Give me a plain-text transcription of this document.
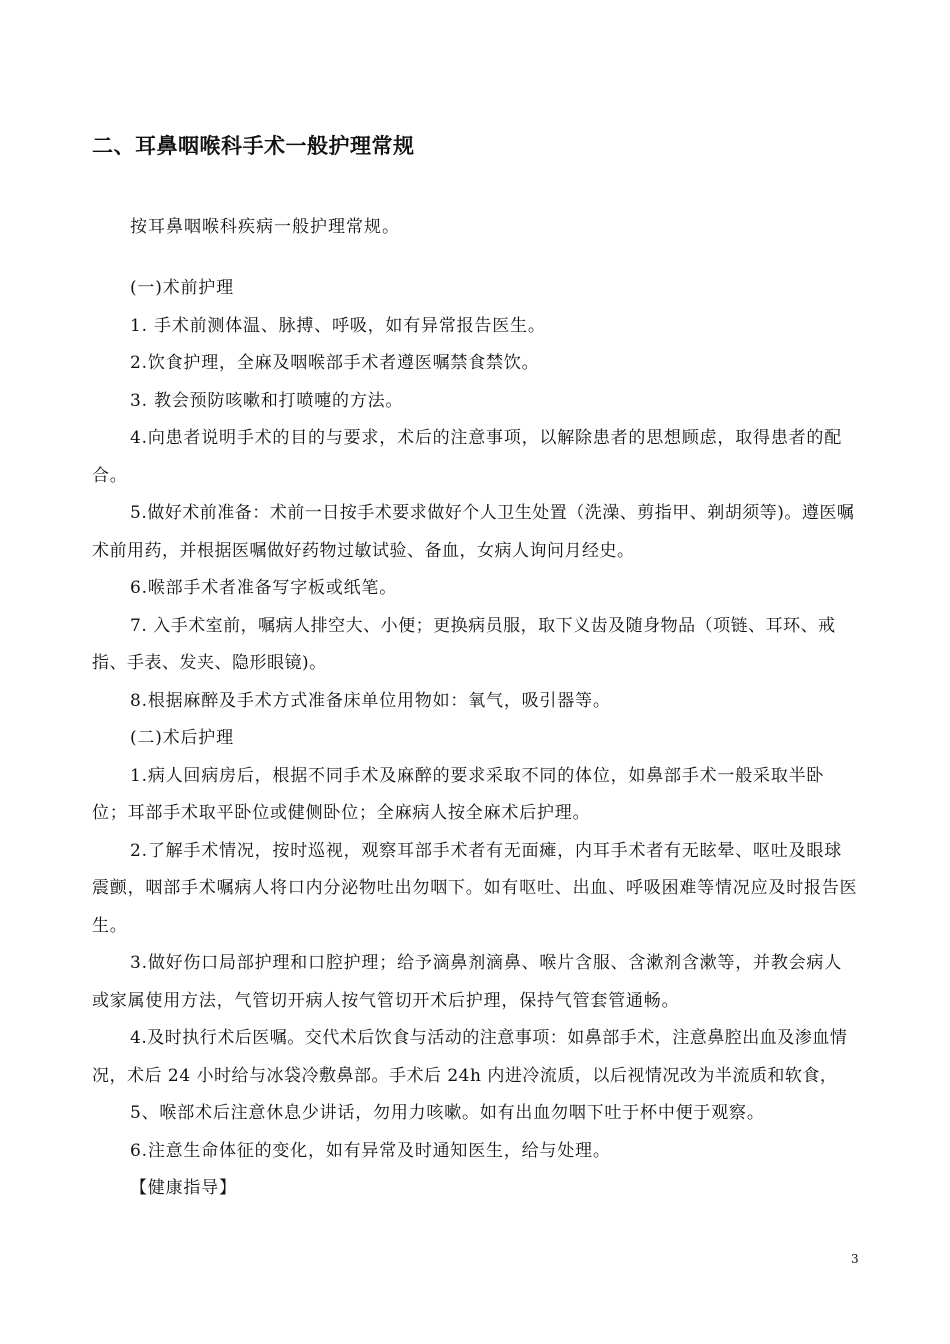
二、耳鼻咽喉科手术一般护理常规
按耳鼻咽喉科疾病一般护理常规。

(一)术前护理

1. 手术前测体温、脉搏、呼吸，如有异常报告医生。

2.饮食护理，全麻及咽喉部手术者遵医嘱禁食禁饮。

3. 教会预防咳嗽和打喷嚏的方法。

4.向患者说明手术的目的与要求，术后的注意事项，以解除患者的思想顾虑，取得患者的配合。

5.做好术前准备：术前一日按手术要求做好个人卫生处置（洗澡、剪指甲、剃胡须等)。遵医嘱术前用药，并根据医嘱做好药物过敏试验、备血，女病人询问月经史。

6.喉部手术者准备写字板或纸笔。

7. 入手术室前，嘱病人排空大、小便；更换病员服，取下义齿及随身物品（项链、耳环、戒指、手表、发夹、隐形眼镜)。

8.根据麻醉及手术方式准备床单位用物如：氧气，吸引器等。

(二)术后护理

1.病人回病房后，根据不同手术及麻醉的要求采取不同的体位，如鼻部手术一般采取半卧位；耳部手术取平卧位或健侧卧位；全麻病人按全麻术后护理。

2.了解手术情况，按时巡视，观察耳部手术者有无面瘫，内耳手术者有无眩晕、呕吐及眼球震颤，咽部手术嘱病人将口内分泌物吐出勿咽下。如有呕吐、出血、呼吸困难等情况应及时报告医生。

3.做好伤口局部护理和口腔护理；给予滴鼻剂滴鼻、喉片含服、含漱剂含漱等，并教会病人或家属使用方法，气管切开病人按气管切开术后护理，保持气管套管通畅。

4.及时执行术后医嘱。交代术后饮食与活动的注意事项：如鼻部手术，注意鼻腔出血及渗血情况，术后 24 小时给与冰袋冷敷鼻部。手术后 24h 内进冷流质，以后视情况改为半流质和软食，

5、喉部术后注意休息少讲话，勿用力咳嗽。如有出血勿咽下吐于杯中便于观察。

6.注意生命体征的变化，如有异常及时通知医生，给与处理。

【健康指导】

3
